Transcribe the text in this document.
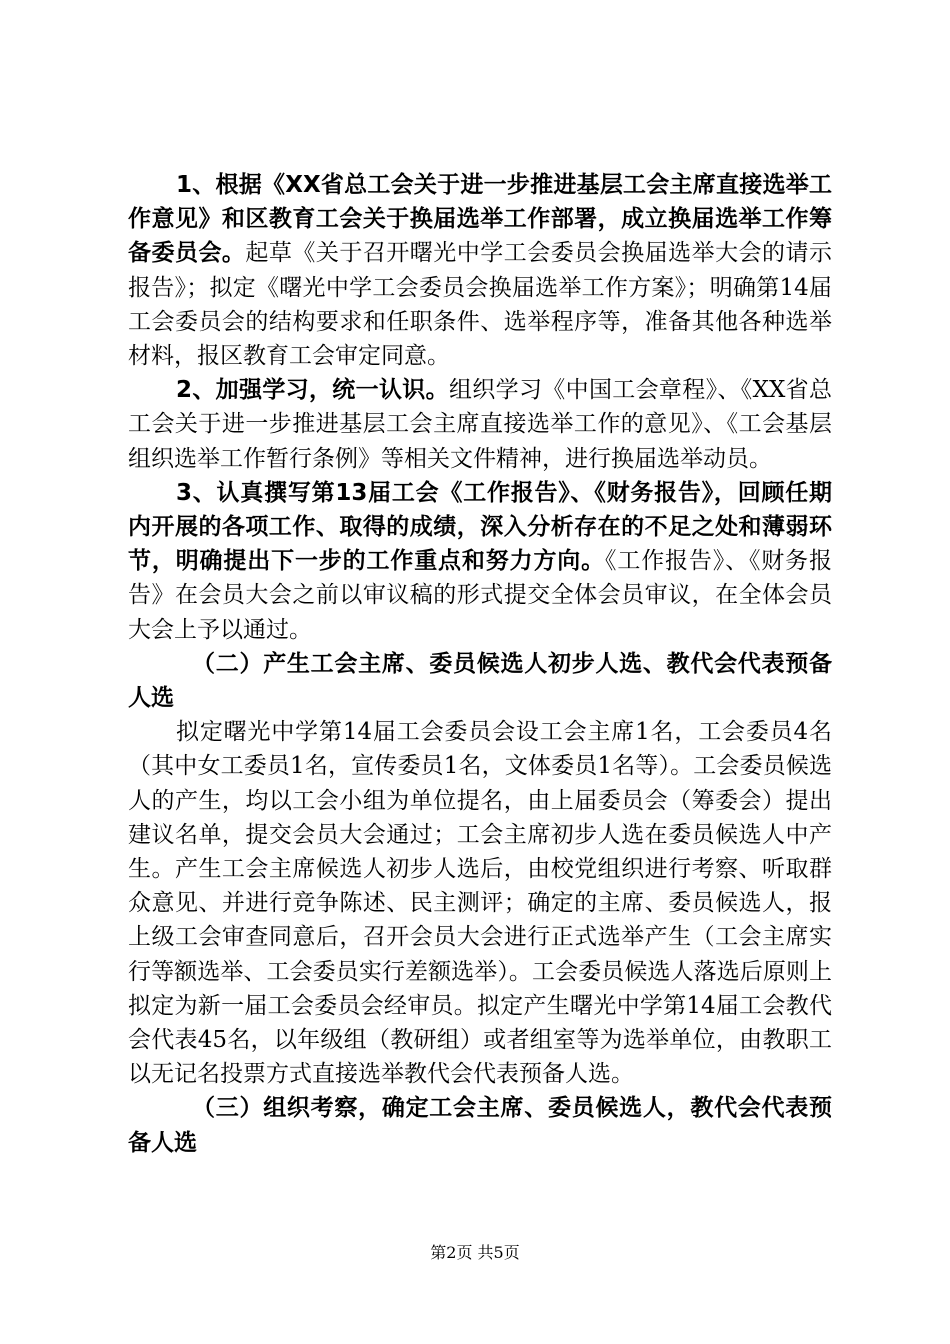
1、根据《XX省总工会关于进一步推进基层工会主席直接选举工作意见》和区教育工会关于换届选举工作部署，成立换届选举工作筹备委员会。起草《关于召开曙光中学工会委员会换届选举大会的请示报告》；拟定《曙光中学工会委员会换届选举工作方案》；明确第14届工会委员会的结构要求和任职条件、选举程序等，准备其他各种选举材料，报区教育工会审定同意。

2、加强学习，统一认识。组织学习《中国工会章程》、《XX省总工会关于进一步推进基层工会主席直接选举工作的意见》、《工会基层组织选举工作暂行条例》等相关文件精神，进行换届选举动员。

3、认真撰写第13届工会《工作报告》、《财务报告》，回顾任期内开展的各项工作、取得的成绩，深入分析存在的不足之处和薄弱环节，明确提出下一步的工作重点和努力方向。《工作报告》、《财务报告》在会员大会之前以审议稿的形式提交全体会员审议，在全体会员大会上予以通过。

（二）产生工会主席、委员候选人初步人选、教代会代表预备人选

拟定曙光中学第14届工会委员会设工会主席1名，工会委员4名（其中女工委员1名，宣传委员1名，文体委员1名等）。工会委员候选人的产生，均以工会小组为单位提名，由上届委员会（筹委会）提出建议名单，提交会员大会通过；工会主席初步人选在委员候选人中产生。产生工会主席候选人初步人选后，由校党组织进行考察、听取群众意见、并进行竞争陈述、民主测评；确定的主席、委员候选人，报上级工会审查同意后，召开会员大会进行正式选举产生（工会主席实行等额选举、工会委员实行差额选举）。工会委员候选人落选后原则上拟定为新一届工会委员会经审员。拟定产生曙光中学第14届工会教代会代表45名，以年级组（教研组）或者组室等为选举单位，由教职工以无记名投票方式直接选举教代会代表预备人选。

（三）组织考察，确定工会主席、委员候选人，教代会代表预备人选

第2页 共5页
